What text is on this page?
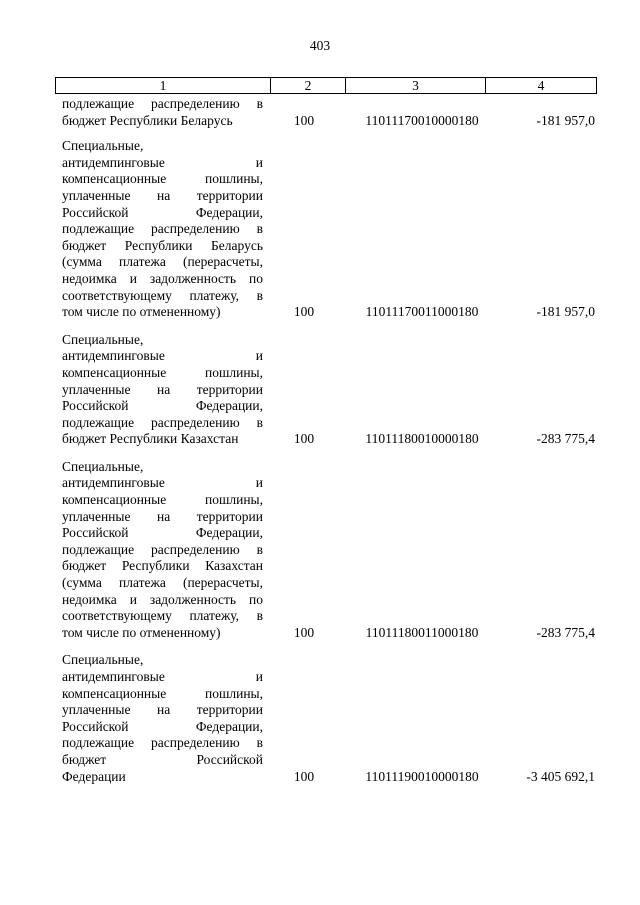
403
1	2	3	4
подлежащие распределению в
бюджет Республики Беларусь	100	11011170010000180	-181 957,0
Специальные,
антидемпинговые и
компенсационные пошлины,
уплаченные на территории
Российской Федерации,
подлежащие распределению в
бюджет Республики Беларусь
(сумма платежа (перерасчеты,
недоимка и задолженность по
соответствующему платежу, в
том числе по отмененному)	100	11011170011000180	-181 957,0
Специальные,
антидемпинговые и
компенсационные пошлины,
уплаченные на территории
Российской Федерации,
подлежащие распределению в
бюджет Республики Казахстан	100	11011180010000180	-283 775,4
Специальные,
антидемпинговые и
компенсационные пошлины,
уплаченные на территории
Российской Федерации,
подлежащие распределению в
бюджет Республики Казахстан
(сумма платежа (перерасчеты,
недоимка и задолженность по
соответствующему платежу, в
том числе по отмененному)	100	11011180011000180	-283 775,4
Специальные,
антидемпинговые и
компенсационные пошлины,
уплаченные на территории
Российской Федерации,
подлежащие распределению в
бюджет Российской
Федерации	100	11011190010000180	-3 405 692,1
